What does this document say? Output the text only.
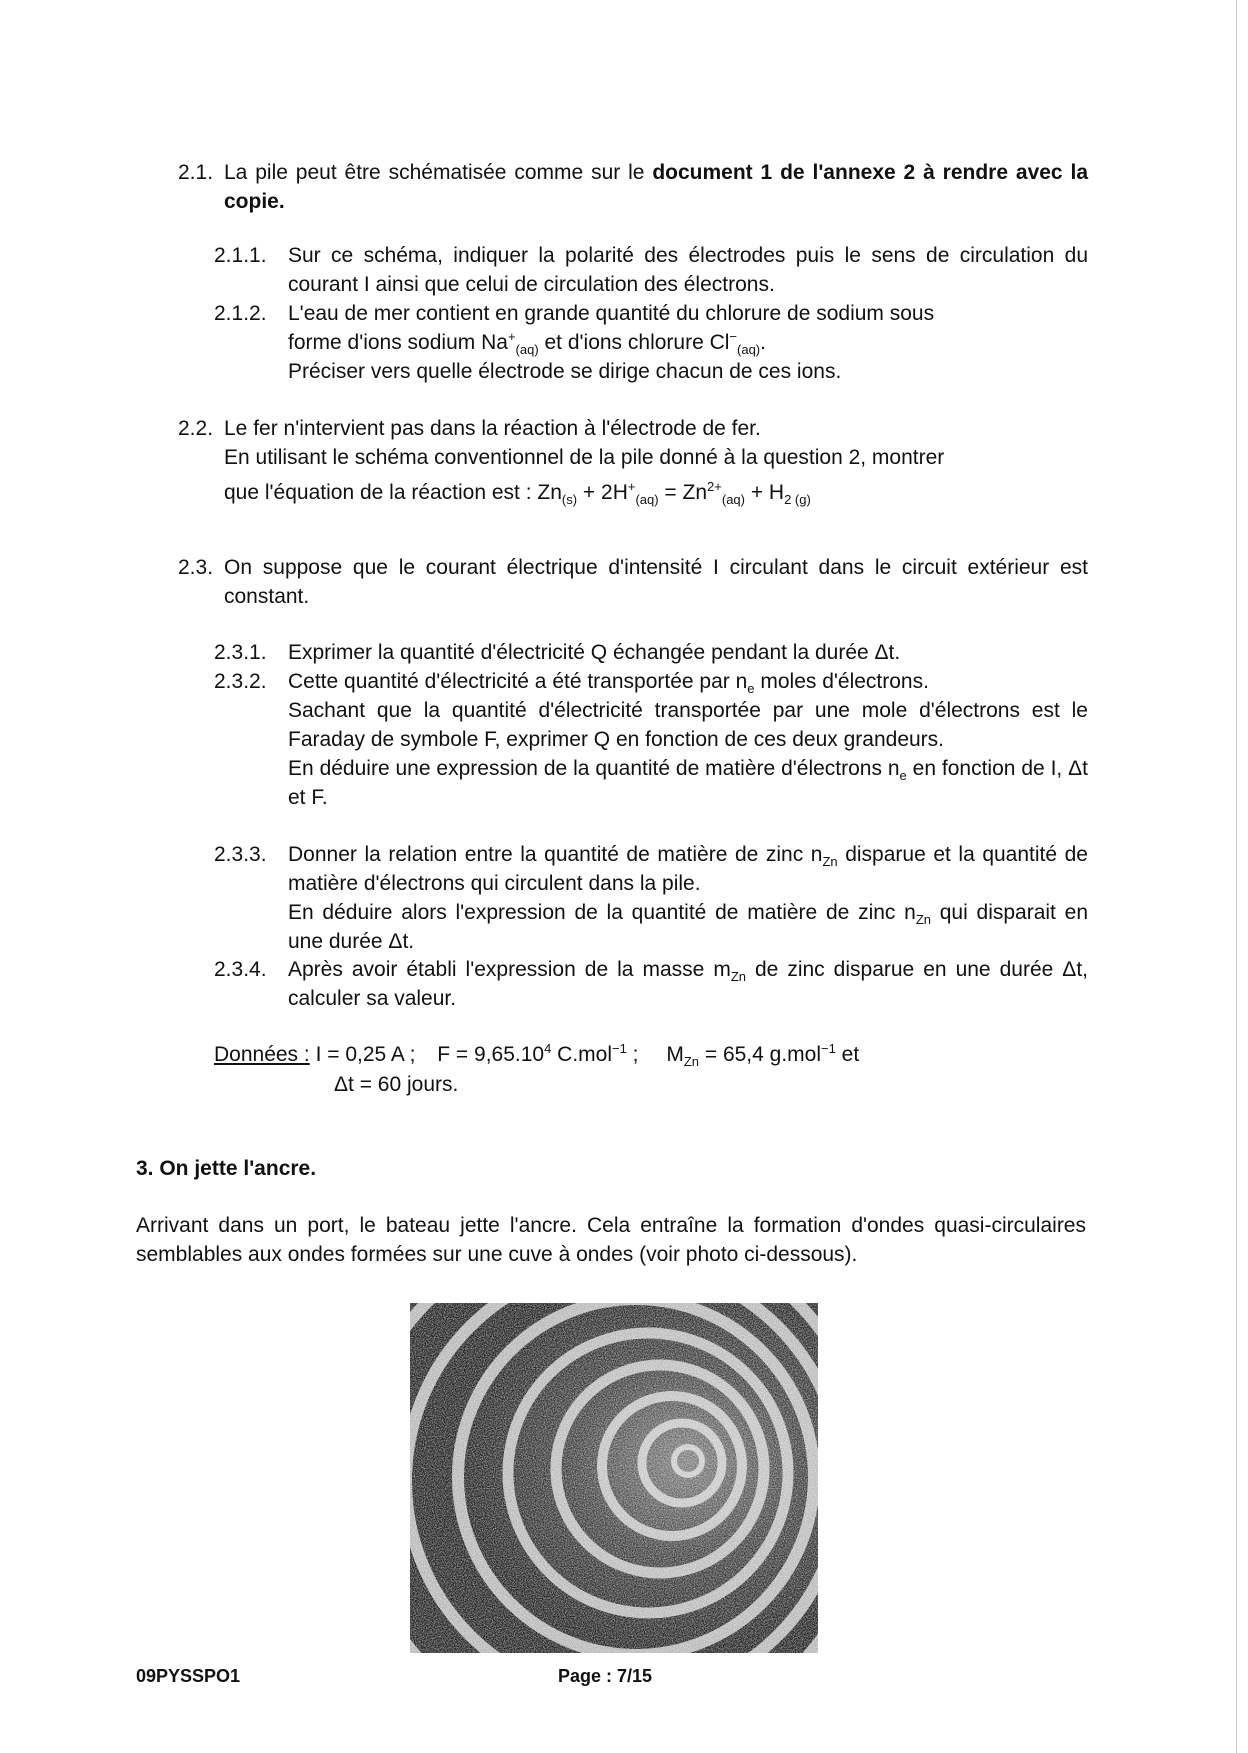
2.1. La pile peut être schématisée comme sur le document 1 de l'annexe 2 à rendre avec la copie.
2.1.1.	Sur ce schéma, indiquer la polarité des électrodes puis le sens de circulation du courant I ainsi que celui de circulation des électrons.
2.1.2.	L'eau de mer contient en grande quantité du chlorure de sodium sous
forme d'ions sodium $Na^+_{(aq)}$ et d'ions chlorure $Cl^-_{(aq)}$.
Préciser vers quelle électrode se dirige chacun de ces ions.
2.2. Le fer n'intervient pas dans la réaction à l'électrode de fer.
En utilisant le schéma conventionnel de la pile donné à la question 2, montrer
que l'équation de la réaction est : $Zn_{(s)} + 2H^+_{(aq)} = Zn^{2+}_{(aq)} + H_{2 (g)}$
2.3. On suppose que le courant électrique d'intensité I circulant dans le circuit extérieur est constant.
2.3.1.	Exprimer la quantité d'électricité Q échangée pendant la durée Δt.
2.3.2.	Cette quantité d'électricité a été transportée par $n_e$ moles d'électrons.
Sachant que la quantité d'électricité transportée par une mole d'électrons est le Faraday de symbole F, exprimer Q en fonction de ces deux grandeurs.
En déduire une expression de la quantité de matière d'électrons $n_e$ en fonction de I, Δt et F.
2.3.3.	Donner la relation entre la quantité de matière de zinc $n_{Zn}$ disparue et la quantité de matière d'électrons qui circulent dans la pile.
En déduire alors l'expression de la quantité de matière de zinc $n_{Zn}$ qui disparait en une durée Δt.
2.3.4.	Après avoir établi l'expression de la masse $m_{Zn}$ de zinc disparue en une durée Δt, calculer sa valeur.
Données : I = 0,25 A ; $F = 9,65.10^4$ C.mol$^{-1}$ ; $M_{Zn} = 65,4$ g.mol$^{-1}$ et
Δt = 60 jours.
3. On jette l'ancre.
Arrivant dans un port, le bateau jette l'ancre. Cela entraîne la formation d'ondes quasi-circulaires semblables aux ondes formées sur une cuve à ondes (voir photo ci-dessous).
09PYSSPO1	Page : 7/15
